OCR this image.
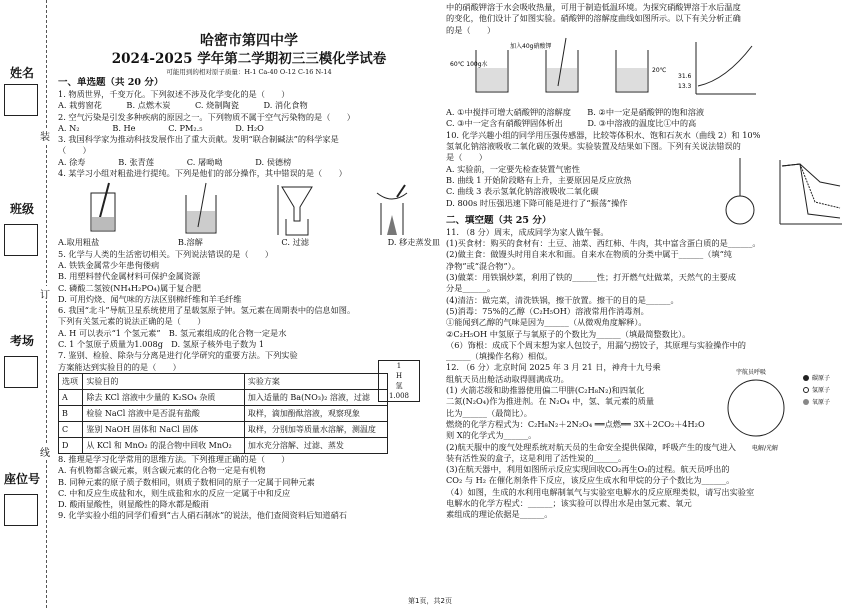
姓名
班级
考场
座位号
装
订
线

哈密市第四中学

2024-2025 学年第二学期初三三模化学试卷

可能用到的相对原子质量：H-1 Ca-40 O-12 C-16 N-14

一、单选题（共 20 分）

1. 物质世界，千变万化。下列叙述不涉及化学变化的是（　　）

A. 栽剪窗花　　　B. 点燃木炭　　　C. 烧制陶瓷　　　D. 消化食物

2. 空气污染是引发多种疾病的原因之一。下列物质不属于空气污染物的是（　　）

A. N₂　　　　B. He　　　　C. PM₂.₅　　　　D. H₂O

3. 我国科学家为推动科技发展作出了重大贡献。发明“联合制碱法”的科学家是

（　　）

A. 徐寿　　　　B. 张青莲　　　　C. 屠呦呦　　　　D. 侯德榜

4. 某学习小组对粗盐进行提纯。下列是他们的部分操作，其中错误的是（　　）

A.取用粗盐	B.溶解	C. 过滤	D. 移走蒸发皿

5. 化学与人类的生活密切相关。下列说法错误的是（　　）

A. 铁铁金属常少年患佝偻病

B. 用塑料替代金属材料可保护金属资源

C. 磷酸二氢铵(NH₄H₂PO₄)属于复合肥

D. 可用灼烧、闻气味的方法区别棉纤维和羊毛纤维

6. 我国“北斗”导航卫星系统使用了星载氢原子钟。氢元素在周期表中的信息如图。

下列有关氢元素的说法正确的是（　　）

A. H 可以表示“1 个氢元素”　B. 氢元素组成的化合物一定是水

C. 1 个氢原子质量为1.008g　D. 氢原子核外电子数为 1

7. 鉴别、检验、除杂与分离是进行化学研究的重要方法。下列实验

方案能达到实验目的的是（　　）

选项	实验目的	实验方案
A	除去 KCl 溶液中少量的 K₂SO₄ 杂质	加入适量的 Ba(NO₃)₂ 溶液，过滤
B	检验 NaCl 溶液中是否混有盐酸	取样，滴加酚酞溶液，观察现象
C	鉴别 NaOH 固体和 NaCl 固体	取样，分别加等质量水溶解，测温度
D	从 KCl 和 MnO₂ 的混合物中回收 MnO₂	加水充分溶解、过滤、蒸发

8. 推理是学习化学常用的思维方法。下列推理正确的是（　　）

A. 有机物都含碳元素，则含碳元素的化合物一定是有机物

B. 同种元素的原子质子数相同，则质子数相同的原子一定属于同种元素

C. 中和反应生成盐和水，则生成盐和水的反应一定属于中和反应

D. 酸雨显酸性，则显酸性的降水都是酸雨

9. 化学实验小组的同学们看到“古人硝石制冰”的说法，他们查阅资料后知道硝石

1
H
氢
1.008

中的硝酸钾溶于水会吸收热量，可用于制造低温环境。为探究硝酸钾溶于水后温度

的变化，他们设计了如图实验。硝酸钾的溶解度曲线如图所示。以下有关分析正确

的是（　　）

60℃ 100g水
加入40g硝酸钾
20℃
31.6
13.3

A. ①中搅拌可增大硝酸钾的溶解度　　B. ②中一定是硝酸钾的饱和溶液

C. ③中一定含有硝酸钾固体析出　　　D. ③中溶液的温度比①中的高

10. 化学兴趣小组的同学用压强传感器，比较等体积水、饱和石灰水（曲线 2）和 10%

氢氧化钠溶液吸收二氧化碳的效果。实验装置及结果如下图。下列有关说法错误的

是（　　）

A. 实验前，一定要先检查装置气密性

B. 曲线 1 开始阶段略有上升，主要原因是反应放热

C. 曲线 3 表示氢氧化钠溶液吸收二氧化碳

D. 800s 时压强迅速下降可能是进行了“振荡”操作

二、填空题（共 25 分）

11. （8 分）周末，成成同学为家人做午餐。

(1)买食材：购买的食材有：土豆、油菜、西红柿、牛肉，其中富含蛋白质的是______。

(2)做主食：做馒头时用自来水和面。自来水在物质的分类中属于______（填“纯

净物”或“混合物”）。

(3)做菜：用铁锅炒菜，利用了铁的______性；打开燃气灶做菜，天然气的主要成

分是______。

(4)清洁：做完菜，清洗铁锅，擦干放置。擦干的目的是______。

(5)消毒：75%的乙醇（C₂H₅OH）溶液常用作消毒剂。

①能闻到乙醇的气味是因为______（从微观角度解释）。

②C₂H₅OH 中氢原子与氧原子的个数比为______（填最简整数比）。

（6）饰根：成成下个周末想为家人包饺子，用漏勺捞饺子，其原理与实验操作中的

______（填操作名称）相似。

12. （6 分）北京时间 2025 年 3 月 21 日，神舟十九号乘

组航天员出舱活动取得圆满成功。

(1) 火箭芯级和助推器使用偏二甲肼(C₂H₈N₂)和四氧化

二氮(N₂O₄)作为推进剂。在 N₂O₄ 中，氢、氧元素的质量

比为______（最简比）。

燃烧的化学方程式为：C₂H₈N₂＋2N₂O₄ ══点燃══ 3X＋2CO₂＋4H₂O

则 X的化学式为______。

(2)航天服中的废气处理系统对航天员的生命安全提供保障，呼吸产生的废气进入

装有活性炭的盒子，这是利用了活性炭的______。

(3)在航天器中，利用如图所示反应实现回收CO₂再生O₂的过程。航天员呼出的

CO₂ 与 H₂ 在催化剂条件下反应，该反应生成水和甲烷的分子个数比为______。

（4）如图，生成的水利用电解制氧气与实验室电解水的反应原理类似，请写出实验室

电解水的化学方程式：______；该实验可以得出水是由氢元素、氧元

素组成的理论依据是______。

宇航员呼吸
电解/光解
碳原子
氢原子
氧原子
第1页，共2页
